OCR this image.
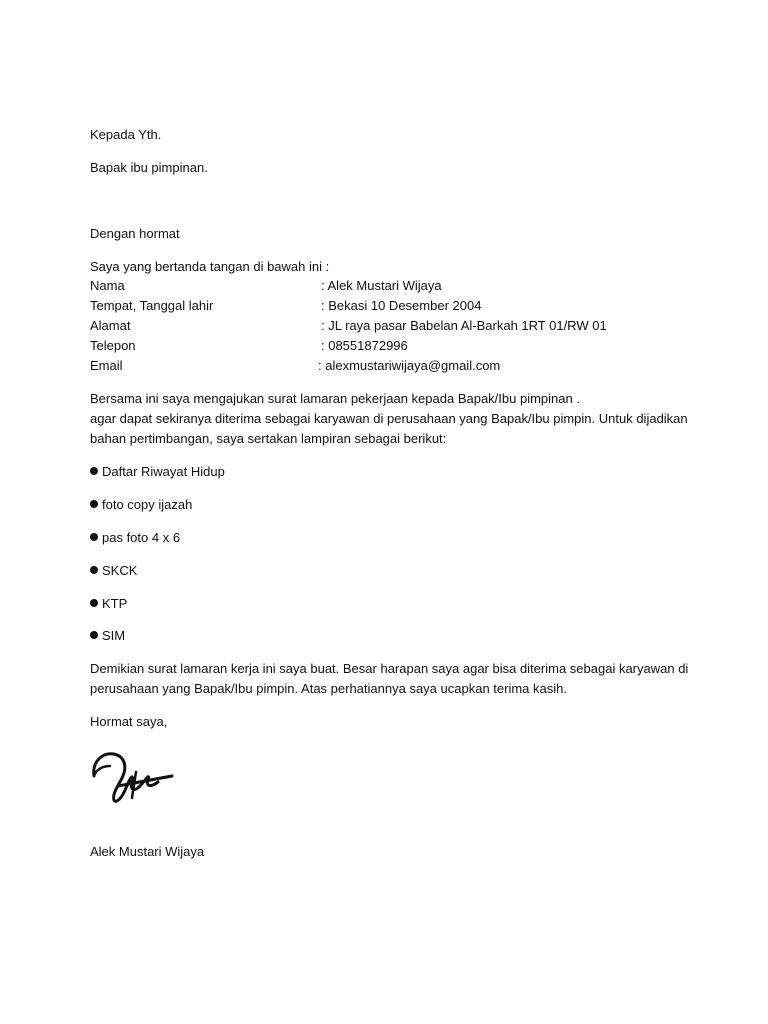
Kepada Yth.
Bapak ibu pimpinan.
Dengan hormat
Saya yang bertanda tangan di bawah ini :
Nama	: Alek Mustari Wijaya
Tempat, Tanggal lahir	: Bekasi 10 Desember 2004
Alamat	: JL raya pasar Babelan Al-Barkah 1RT 01/RW 01
Telepon	: 08551872996
Email	: alexmustariwijaya@gmail.com
Bersama ini saya mengajukan surat lamaran pekerjaan kepada Bapak/Ibu pimpinan .
agar dapat sekiranya diterima sebagai karyawan di perusahaan yang Bapak/Ibu pimpin. Untuk dijadikan
bahan pertimbangan, saya sertakan lampiran sebagai berikut:
Daftar Riwayat Hidup
foto copy ijazah
pas foto 4 x 6
SKCK
KTP
SIM
Demikian surat lamaran kerja ini saya buat. Besar harapan saya agar bisa diterima sebagai karyawan di
perusahaan yang Bapak/Ibu pimpin. Atas perhatiannya saya ucapkan terima kasih.
Hormat saya,
Alek Mustari Wijaya
